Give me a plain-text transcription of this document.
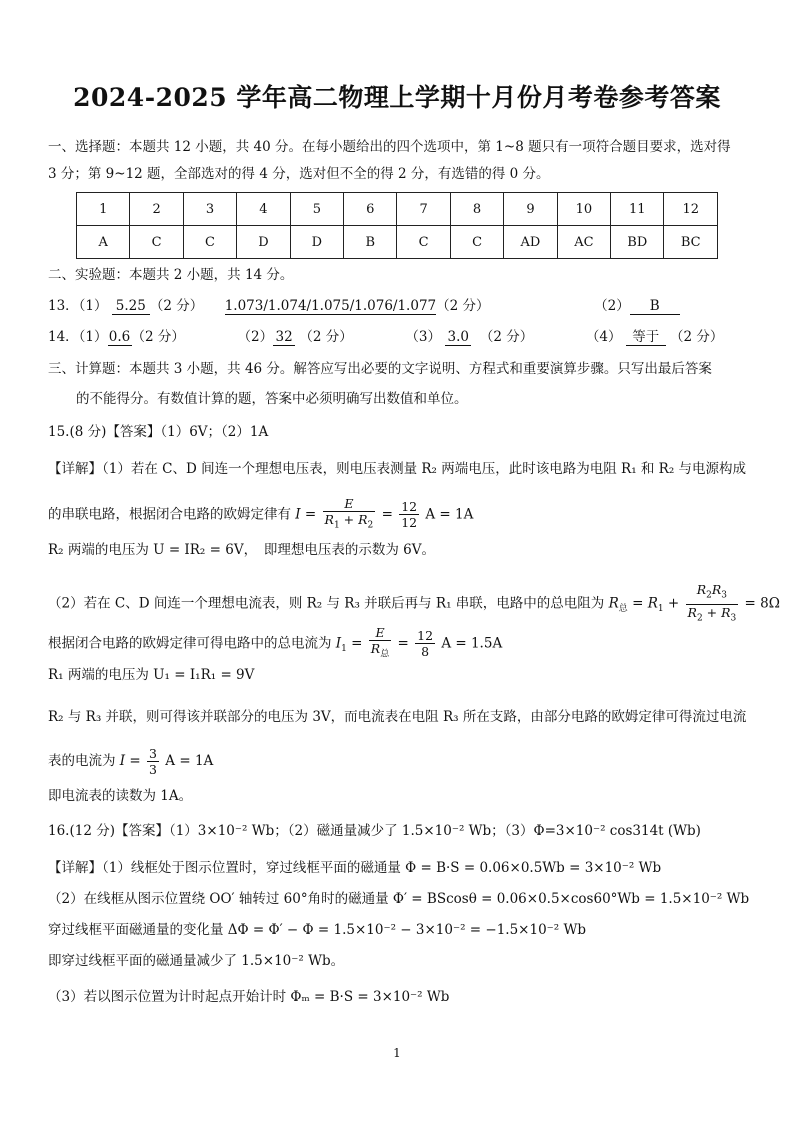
2024-2025 学年高二物理上学期十月份月考卷参考答案
一、选择题：本题共 12 小题，共 40 分。在每小题给出的四个选项中，第 1~8 题只有一项符合题目要求，选对得
3 分；第 9~12 题，全部选对的得 4 分，选对但不全的得 2 分，有选错的得 0 分。
1	2	3	4	5	6	7	8	9	10	11	12
A	C	C	D	D	B	C	C	AD	AC	BD	BC
二、实验题：本题共 2 小题，共 14 分。
13．（1） 5.25 （2 分） 1.073/1.074/1.075/1.076/1.077（2 分）	（2） B
14．（1）0.6（2 分）	（2） 32 （2 分）	（3） 3.0 （2 分）	（4） 等于 （2 分）
三、计算题：本题共 3 小题，共 46 分。解答应写出必要的文字说明、方程式和重要演算步骤。只写出最后答案
的不能得分。有数值计算的题，答案中必须明确写出数值和单位。
15.(8 分)【答案】（1）6V；（2）1A
【详解】（1）若在 C、D 间连一个理想电压表，则电压表测量 R₂ 两端电压，此时该电路为电阻 R₁ 和 R₂ 与电源构成
的串联电路，根据闭合电路的欧姆定律有 $I = \frac{E}{R_1 + R_2} = \frac{12}{12}$ A = 1A
R₂ 两端的电压为 U = IR₂ = 6V，　即理想电压表的示数为 6V。
（2）若在 C、D 间连一个理想电流表，则 R₂ 与 R₃ 并联后再与 R₁ 串联，电路中的总电阻为 $R_总 = R_1 + \frac{R_2R_3}{R_2 + R_3} = 8\Omega$
根据闭合电路的欧姆定律可得电路中的总电流为 $I_1 = \frac{E}{R_总} = \frac{12}{8}$ A = 1.5A
R₁ 两端的电压为 U₁ = I₁R₁ = 9V
R₂ 与 R₃ 并联，则可得该并联部分的电压为 3V，而电流表在电阻 R₃ 所在支路，由部分电路的欧姆定律可得流过电流
表的电流为 $I = \frac{3}{3}$ A = 1A
即电流表的读数为 1A。
16.(12 分)【答案】（1）3×10⁻² Wb；（2）磁通量减少了 1.5×10⁻² Wb；（3）Φ=3×10⁻² cos314t (Wb)
【详解】（1）线框处于图示位置时，穿过线框平面的磁通量 Φ = B·S = 0.06×0.5Wb = 3×10⁻² Wb
（2）在线框从图示位置绕 OO′ 轴转过 60°角时的磁通量 Φ′ = BScosθ = 0.06×0.5×cos60°Wb = 1.5×10⁻² Wb
穿过线框平面磁通量的变化量 ΔΦ = Φ′ − Φ = 1.5×10⁻² − 3×10⁻² = −1.5×10⁻² Wb
即穿过线框平面的磁通量减少了 1.5×10⁻² Wb。
（3）若以图示位置为计时起点开始计时 Φₘ = B·S = 3×10⁻² Wb
1
